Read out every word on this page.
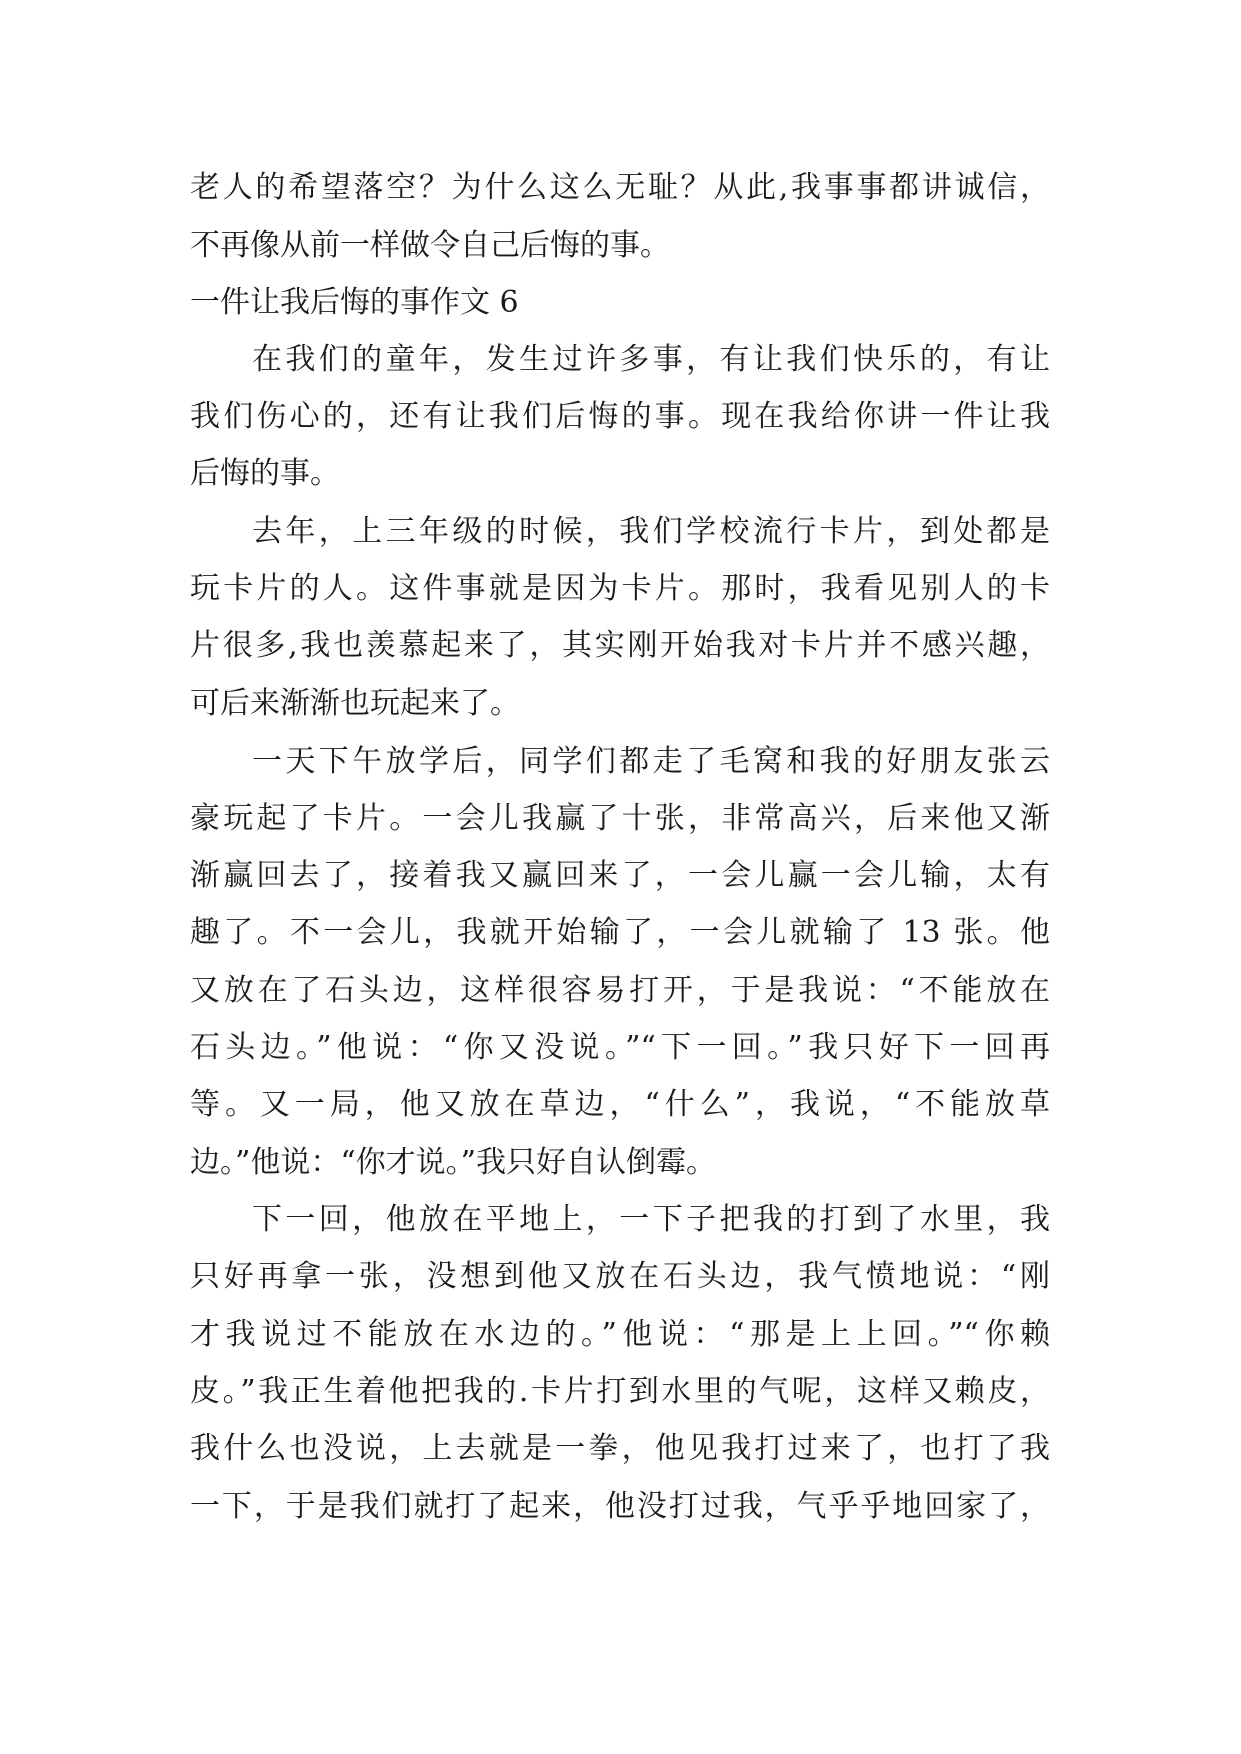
老人的希望落空？为什么这么无耻？从此,我事事都讲诚信，
不再像从前一样做令自己后悔的事。
一件让我后悔的事作文 6
在我们的童年，发生过许多事，有让我们快乐的，有让
我们伤心的，还有让我们后悔的事。现在我给你讲一件让我
后悔的事。
去年，上三年级的时候，我们学校流行卡片，到处都是
玩卡片的人。这件事就是因为卡片。那时，我看见别人的卡
片很多,我也羡慕起来了，其实刚开始我对卡片并不感兴趣，
可后来渐渐也玩起来了。
一天下午放学后，同学们都走了毛窝和我的好朋友张云
豪玩起了卡片。一会儿我赢了十张，非常高兴，后来他又渐
渐赢回去了，接着我又赢回来了，一会儿赢一会儿输，太有
趣了。不一会儿，我就开始输了，一会儿就输了 13 张。他
又放在了石头边，这样很容易打开，于是我说：“不能放在
石头边。”他说：“你又没说。”“下一回。”我只好下一回再
等。又一局，他又放在草边，“什么”，我说，“不能放草
边。”他说：“你才说。”我只好自认倒霉。
下一回，他放在平地上，一下子把我的打到了水里，我
只好再拿一张，没想到他又放在石头边，我气愤地说：“刚
才我说过不能放在水边的。”他说：“那是上上回。”“你赖
皮。”我正生着他把我的.卡片打到水里的气呢，这样又赖皮，
我什么也没说，上去就是一拳，他见我打过来了，也打了我
一下，于是我们就打了起来，他没打过我，气乎乎地回家了，
